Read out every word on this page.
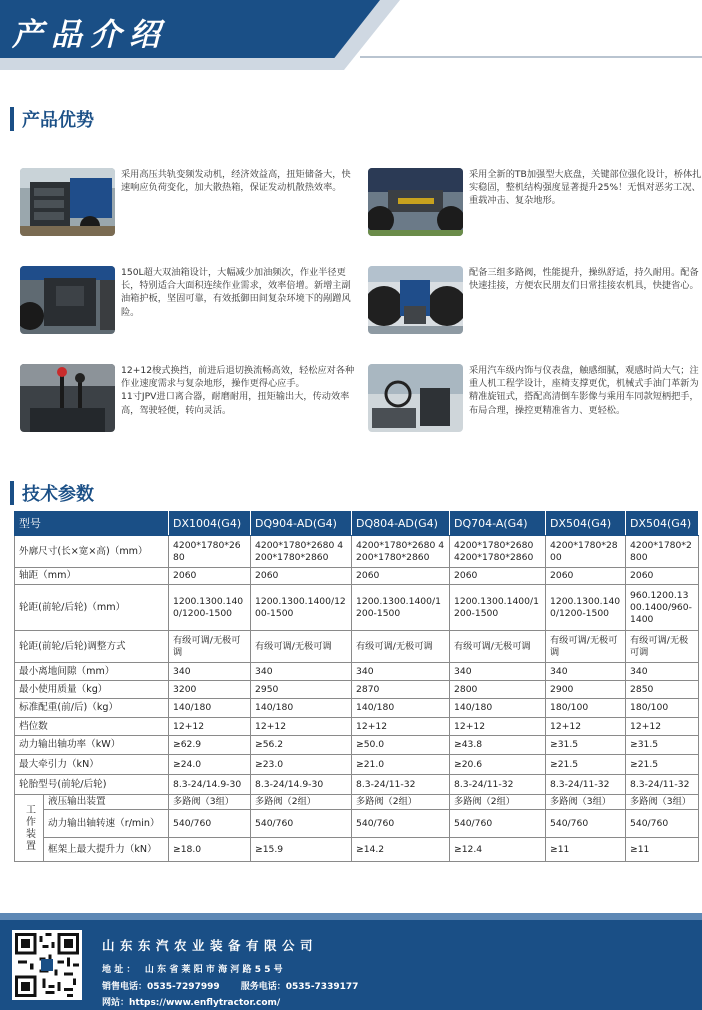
产品介绍
产品优势
采用高压共轨变频发动机，经济效益高，扭矩储备大，快速响应负荷变化，加大散热箱，保证发动机散热效率。
采用全新的TB加强型大底盘，关键部位强化设计，桥体扎实稳固，整机结构强度显著提升25%！无惧对恶劣工况、重载冲击、复杂地形。
150L超大双油箱设计，大幅减少加油频次，作业半径更长，特别适合大面积连续作业需求，效率倍增。新增主副油箱护板，坚固可靠，有效抵御田间复杂环境下的剐蹭风险。
配备三组多路阀，性能提升，操纵舒适，持久耐用。配备快速挂接，方便农民朋友们日常挂接农机具，快捷省心。
12+12梭式换挡，前进后退切换流畅高效，轻松应对各种作业速度需求与复杂地形，操作更得心应手。
11寸JPV进口离合器，耐磨耐用，扭矩输出大，传动效率高，驾驶轻便，转向灵活。
采用汽车级内饰与仪表盘，触感细腻，观感时尚大气；注重人机工程学设计，座椅支撑更优，机械式手油门革新为精准旋钮式，搭配高清倒车影像与乘用车同款短柄把手，布局合理，操控更精准省力、更轻松。
技术参数
型号		DX1004(G4)	DQ904-AD(G4)	DQ804-AD(G4)	DQ704-A(G4)	DX504(G4)	DX504(G4)
外廓尺寸(长×宽×高)（mm）		4200*1780*2680	4200*1780*2680 4200*1780*2860	4200*1780*2680 4200*1780*2860	4200*1780*2680 4200*1780*2860	4200*1780*2800	4200*1780*2800
轴距（mm）		2060	2060	2060	2060	2060	2060
轮距(前轮/后轮)（mm）		1200.1300.1400/1200-1500	1200.1300.1400/1200-1500	1200.1300.1400/1200-1500	1200.1300.1400/1200-1500	1200.1300.1400/1200-1500	960.1200.1300.1400/960-1400
轮距(前轮/后轮)调整方式		有级可调/无极可调	有级可调/无极可调	有级可调/无极可调	有级可调/无极可调	有级可调/无极可调	有级可调/无极可调
最小离地间隙（mm）		340	340	340	340	340	340
最小使用质量（kg）		3200	2950	2870	2800	2900	2850
标准配重(前/后)（kg）		140/180	140/180	140/180	140/180	180/100	180/100
档位数		12+12	12+12	12+12	12+12	12+12	12+12
动力输出轴功率（kW）		≥62.9	≥56.2	≥50.0	≥43.8	≥31.5	≥31.5
最大牵引力（kN）		≥24.0	≥23.0	≥21.0	≥20.6	≥21.5	≥21.5
轮胎型号(前轮/后轮)		8.3-24/14.9-30	8.3-24/14.9-30	8.3-24/11-32	8.3-24/11-32	8.3-24/11-32	8.3-24/11-32
工作装置	液压输出装置	多路阀（3组）	多路阀（2组）	多路阀（2组）	多路阀（2组）	多路阀（3组）	多路阀（3组）
	动力输出轴转速（r/min）	540/760	540/760	540/760	540/760	540/760	540/760
	框架上最大提升力（kN）	≥18.0	≥15.9	≥14.2	≥12.4	≥11	≥11
山东东汽农业装备有限公司
地址： 山东省莱阳市海河路55号
销售电话：0535-7297999 服务电话：0535-7339177
网站：https://www.enflytractor.com/
